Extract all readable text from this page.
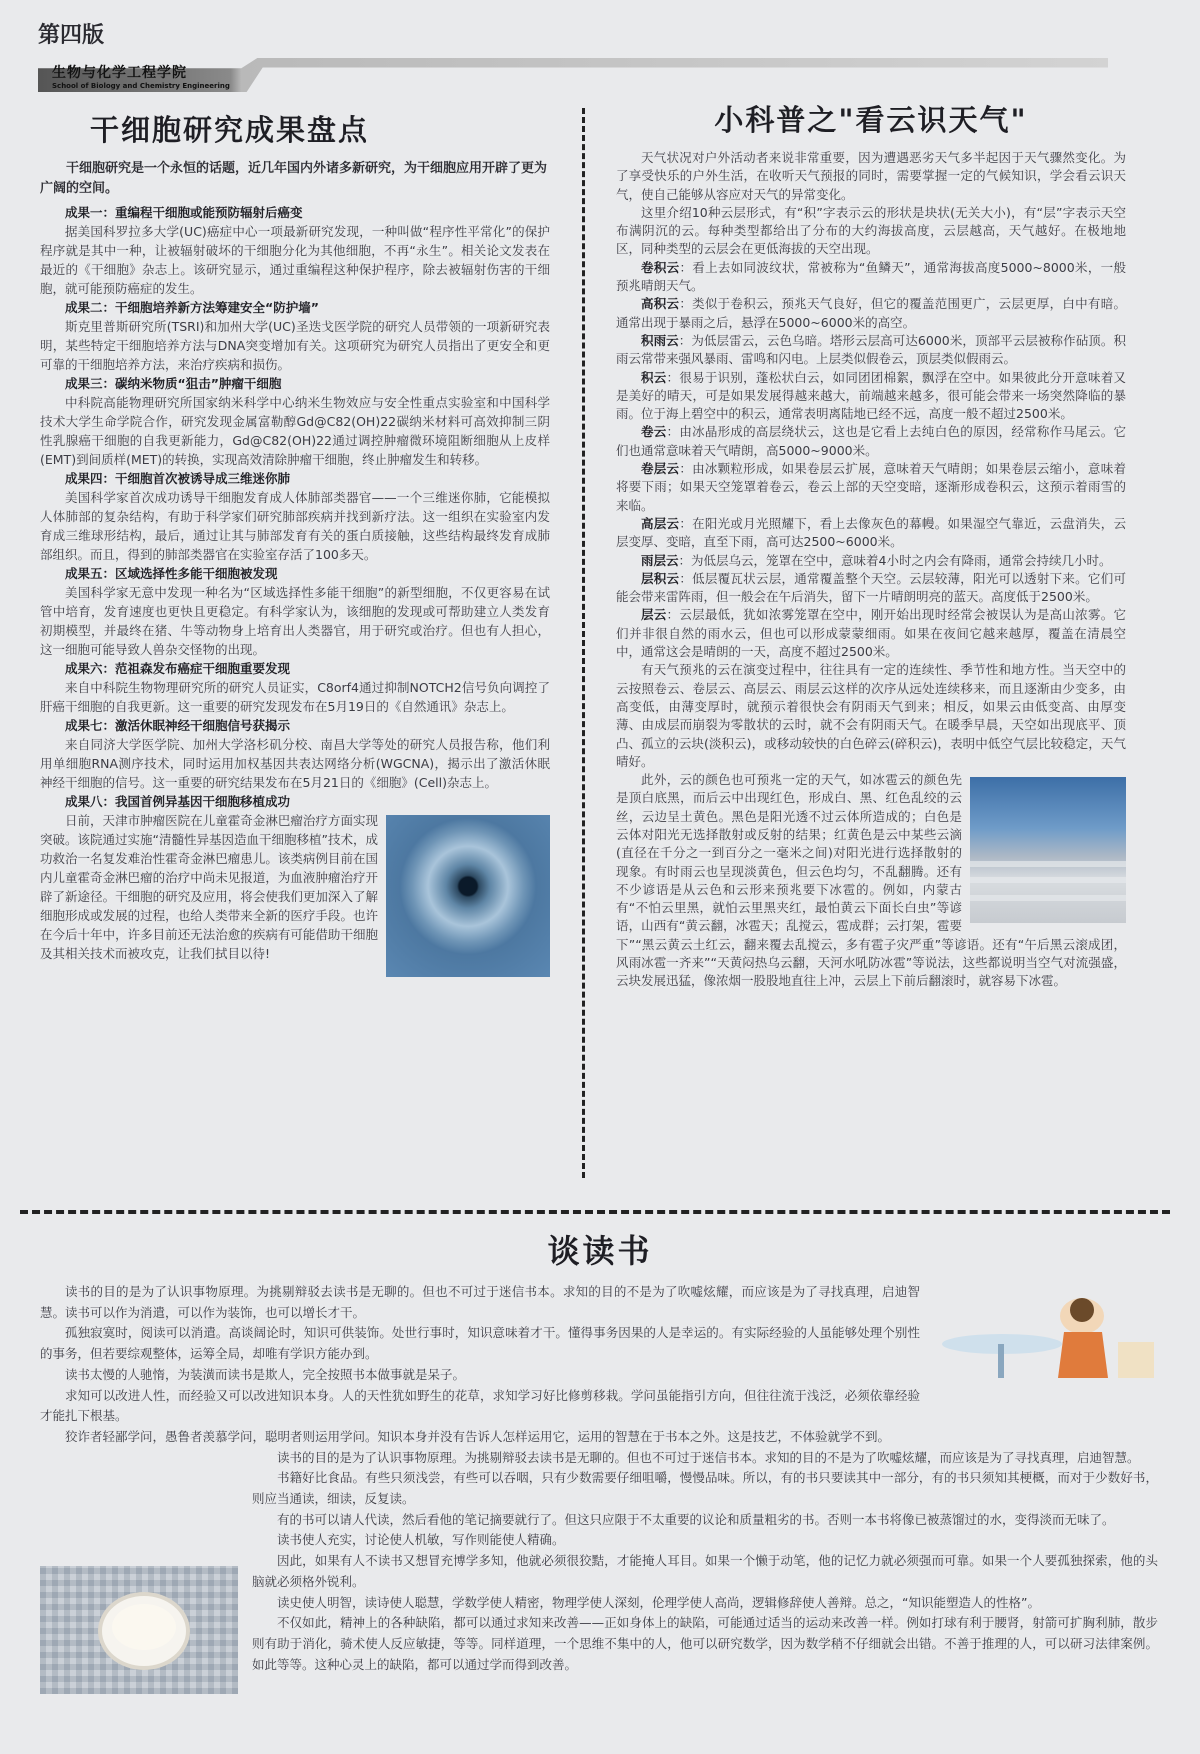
第四版
生物与化学工程学院
School of Biology and Chemistry Engineering
干细胞研究成果盘点

干细胞研究是一个永恒的话题，近几年国内外诸多新研究，为干细胞应用开辟了更为广阔的空间。

成果一：重编程干细胞或能预防辐射后癌变

据美国科罗拉多大学(UC)癌症中心一项最新研究发现，一种叫做“程序性平常化”的保护程序就是其中一种，让被辐射破坏的干细胞分化为其他细胞，不再“永生”。相关论文发表在最近的《干细胞》杂志上。该研究显示，通过重编程这种保护程序，除去被辐射伤害的干细胞，就可能预防癌症的发生。

成果二：干细胞培养新方法筹建安全“防护墙”

斯克里普斯研究所(TSRI)和加州大学(UC)圣迭戈医学院的研究人员带领的一项新研究表明，某些特定干细胞培养方法与DNA突变增加有关。这项研究为研究人员指出了更安全和更可靠的干细胞培养方法，来治疗疾病和损伤。

成果三：碳纳米物质“狙击”肿瘤干细胞

中科院高能物理研究所国家纳米科学中心纳米生物效应与安全性重点实验室和中国科学技术大学生命学院合作，研究发现金属富勒醇Gd@C82(OH)22碳纳米材料可高效抑制三阴性乳腺癌干细胞的自我更新能力，Gd@C82(OH)22通过调控肿瘤微环境阻断细胞从上皮样(EMT)到间质样(MET)的转换，实现高效清除肿瘤干细胞，终止肿瘤发生和转移。

成果四：干细胞首次被诱导成三维迷你肺

美国科学家首次成功诱导干细胞发育成人体肺部类器官——一个三维迷你肺，它能模拟人体肺部的复杂结构，有助于科学家们研究肺部疾病并找到新疗法。这一组织在实验室内发育成三维球形结构，最后，通过让其与肺部发育有关的蛋白质接触，这些结构最终发育成肺部组织。而且，得到的肺部类器官在实验室存活了100多天。

成果五：区域选择性多能干细胞被发现

美国科学家无意中发现一种名为“区域选择性多能干细胞”的新型细胞，不仅更容易在试管中培育，发育速度也更快且更稳定。有科学家认为，该细胞的发现或可帮助建立人类发育初期模型，并最终在猪、牛等动物身上培育出人类器官，用于研究或治疗。但也有人担心，这一细胞可能导致人兽杂交怪物的出现。

成果六：范祖森发布癌症干细胞重要发现

来自中科院生物物理研究所的研究人员证实，C8orf4通过抑制NOTCH2信号负向调控了肝癌干细胞的自我更新。这一重要的研究发现发布在5月19日的《自然通讯》杂志上。

成果七：激活休眠神经干细胞信号获揭示

来自同济大学医学院、加州大学洛杉矶分校、南昌大学等处的研究人员报告称，他们利用单细胞RNA测序技术，同时运用加权基因共表达网络分析(WGCNA)，揭示出了激活休眠神经干细胞的信号。这一重要的研究结果发布在5月21日的《细胞》(Cell)杂志上。

成果八：我国首例异基因干细胞移植成功

日前，天津市肿瘤医院在儿童霍奇金淋巴瘤治疗方面实现突破。该院通过实施“清髓性异基因造血干细胞移植”技术，成功救治一名复发难治性霍奇金淋巴瘤患儿。该类病例目前在国内儿童霍奇金淋巴瘤的治疗中尚未见报道，为血液肿瘤治疗开辟了新途径。干细胞的研究及应用，将会使我们更加深入了解细胞形成或发展的过程，也给人类带来全新的医疗手段。也许在今后十年中，许多目前还无法治愈的疾病有可能借助干细胞及其相关技术而被攻克，让我们拭目以待!

小科普之"看云识天气"

天气状况对户外活动者来说非常重要，因为遭遇恶劣天气多半起因于天气骤然变化。为了享受快乐的户外生活，在收听天气预报的同时，需要掌握一定的气候知识，学会看云识天气，使自己能够从容应对天气的异常变化。

这里介绍10种云层形式，有“积”字表示云的形状是块状(无关大小)，有“层”字表示天空布满阴沉的云。每种类型都给出了分布的大约海拔高度，云层越高，天气越好。在极地地区，同种类型的云层会在更低海拔的天空出现。

卷积云：看上去如同波纹状，常被称为“鱼鳞天”，通常海拔高度5000~8000米，一般预兆晴朗天气。

高积云：类似于卷积云，预兆天气良好，但它的覆盖范围更广，云层更厚，白中有暗。通常出现于暴雨之后，悬浮在5000~6000米的高空。

积雨云：为低层雷云，云色乌暗。塔形云层高可达6000米，顶部平云层被称作砧顶。积雨云常带来强风暴雨、雷鸣和闪电。上层类似假卷云，顶层类似假雨云。

积云：很易于识别，蓬松状白云，如同团团棉絮，飘浮在空中。如果彼此分开意味着又是美好的晴天，可是如果发展得越来越大，前端越来越多，很可能会带来一场突然降临的暴雨。位于海上碧空中的积云，通常表明离陆地已经不远，高度一般不超过2500米。

卷云：由冰晶形成的高层绕状云，这也是它看上去纯白色的原因，经常称作马尾云。它们也通常意味着天气晴朗，高5000~9000米。

卷层云：由冰颗粒形成，如果卷层云扩展，意味着天气晴朗；如果卷层云缩小，意味着将要下雨；如果天空笼罩着卷云，卷云上部的天空变暗，逐渐形成卷积云，这预示着雨雪的来临。

高层云：在阳光或月光照耀下，看上去像灰色的幕幔。如果湿空气靠近，云盘消失，云层变厚、变暗，直至下雨，高可达2500~6000米。

雨层云：为低层乌云，笼罩在空中，意味着4小时之内会有降雨，通常会持续几小时。

层积云：低层覆瓦状云层，通常覆盖整个天空。云层较薄，阳光可以透射下来。它们可能会带来雷阵雨，但一般会在午后消失，留下一片晴朗明亮的蓝天。高度低于2500米。

层云：云层最低，犹如浓雾笼罩在空中，刚开始出现时经常会被误认为是高山浓雾。它们并非很自然的雨水云，但也可以形成蒙蒙细雨。如果在夜间它越来越厚，覆盖在清晨空中，通常这会是晴朗的一天，高度不超过2500米。

有天气预兆的云在演变过程中，往往具有一定的连续性、季节性和地方性。当天空中的云按照卷云、卷层云、高层云、雨层云这样的次序从远处连续移来，而且逐渐由少变多，由高变低，由薄变厚时，就预示着很快会有阴雨天气到来；相反，如果云由低变高、由厚变薄、由成层而崩裂为零散状的云时，就不会有阴雨天气。在暖季早晨，天空如出现底平、顶凸、孤立的云块(淡积云)，或移动较快的白色碎云(碎积云)，表明中低空气层比较稳定，天气晴好。

此外，云的颜色也可预兆一定的天气，如冰雹云的颜色先是顶白底黑，而后云中出现红色，形成白、黑、红色乱绞的云丝，云边呈土黄色。黑色是阳光透不过云体所造成的；白色是云体对阳光无选择散射或反射的结果；红黄色是云中某些云滴(直径在千分之一到百分之一毫米之间)对阳光进行选择散射的现象。有时雨云也呈现淡黄色，但云色均匀，不乱翻腾。还有不少谚语是从云色和云形来预兆要下冰雹的。例如，内蒙古有“不怕云里黑，就怕云里黑夹红，最怕黄云下面长白虫”等谚语，山西有“黄云翻，冰雹天；乱搅云，雹成群；云打架，雹要下”“黑云黄云土红云，翻来覆去乱搅云，多有雹子灾严重”等谚语。还有“午后黑云滚成团，风雨冰雹一齐来”“天黄闷热乌云翻，天河水吼防冰雹”等说法，这些都说明当空气对流强盛，云块发展迅猛，像浓烟一股股地直往上冲，云层上下前后翻滚时，就容易下冰雹。

谈读书

读书的目的是为了认识事物原理。为挑剔辩驳去读书是无聊的。但也不可过于迷信书本。求知的目的不是为了吹嘘炫耀，而应该是为了寻找真理，启迪智慧。读书可以作为消遣，可以作为装饰，也可以增长才干。

孤独寂寞时，阅读可以消遣。高谈阔论时，知识可供装饰。处世行事时，知识意味着才干。懂得事务因果的人是幸运的。有实际经验的人虽能够处理个别性的事务，但若要综观整体，运筹全局，却唯有学识方能办到。

读书太慢的人驰惰，为装潢而读书是欺人，完全按照书本做事就是呆子。

求知可以改进人性，而经验又可以改进知识本身。人的天性犹如野生的花草，求知学习好比修剪移栽。学问虽能指引方向，但往往流于浅泛，必须依靠经验才能扎下根基。

狡诈者轻鄙学问，愚鲁者羡慕学问，聪明者则运用学问。知识本身并没有告诉人怎样运用它，运用的智慧在于书本之外。这是技艺，不体验就学不到。

读书的目的是为了认识事物原理。为挑剔辩驳去读书是无聊的。但也不可过于迷信书本。求知的目的不是为了吹嘘炫耀，而应该是为了寻找真理，启迪智慧。

书籍好比食品。有些只须浅尝，有些可以吞咽，只有少数需要仔细咀嚼，慢慢品味。所以，有的书只要读其中一部分，有的书只须知其梗概，而对于少数好书，则应当通读，细读，反复读。

有的书可以请人代读，然后看他的笔记摘要就行了。但这只应限于不太重要的议论和质量粗劣的书。否则一本书将像已被蒸馏过的水，变得淡而无味了。

读书使人充实，讨论使人机敏，写作则能使人精确。

因此，如果有人不读书又想冒充博学多知，他就必须很狡黠，才能掩人耳目。如果一个懒于动笔，他的记忆力就必须强而可靠。如果一个人要孤独探索，他的头脑就必须格外锐利。

读史使人明智，读诗使人聪慧，学数学使人精密，物理学使人深刻，伦理学使人高尚，逻辑修辞使人善辩。总之，“知识能塑造人的性格”。

不仅如此，精神上的各种缺陷，都可以通过求知来改善——正如身体上的缺陷，可能通过适当的运动来改善一样。例如打球有利于腰肾，射箭可扩胸利肺，散步则有助于消化，骑术使人反应敏捷，等等。同样道理，一个思维不集中的人，他可以研究数学，因为数学稍不仔细就会出错。不善于推理的人，可以研习法律案例。如此等等。这种心灵上的缺陷，都可以通过学而得到改善。
